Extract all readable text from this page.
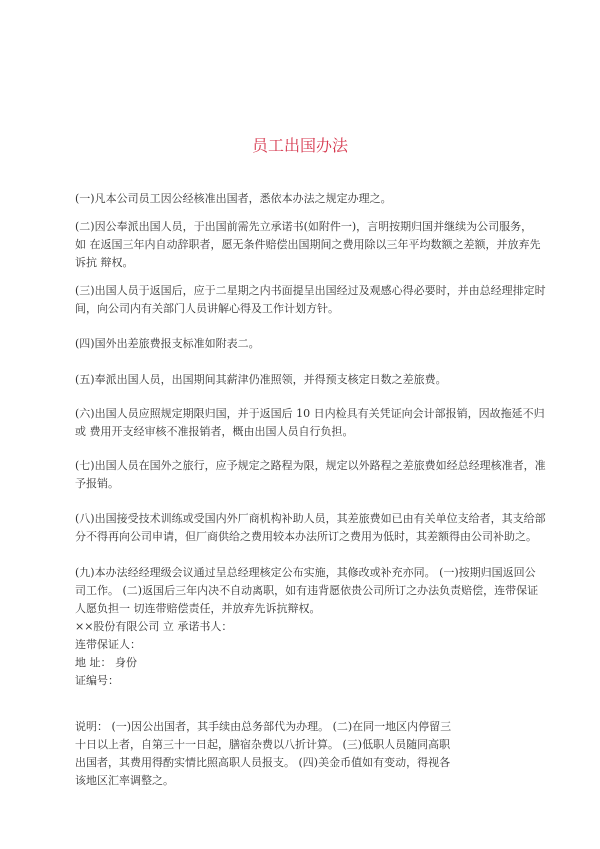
员工出国办法
(一)凡本公司员工因公经核准出国者，悉依本办法之规定办理之。
(二)因公奉派出国人员，于出国前需先立承诺书(如附件一)，言明按期归国并继续为公司服务，
如 在返国三年内自动辞职者，愿无条件赔偿出国期间之费用除以三年平均数额之差额，并放弃先
诉抗 辩权。
(三)出国人员于返国后，应于二星期之内书面提呈出国经过及观感心得必要时，并由总经理排定时
间，向公司内有关部门人员讲解心得及工作计划方针。
(四)国外出差旅费报支标准如附表二。
(五)奉派出国人员，出国期间其薪津仍准照领，并得预支核定日数之差旅费。
(六)出国人员应照规定期限归国，并于返国后 10 日内检具有关凭证向会计部报销，因故拖延不归
或 费用开支经审核不准报销者，概由出国人员自行负担。
(七)出国人员在国外之旅行，应予规定之路程为限，规定以外路程之差旅费如经总经理核准者，准
予报销。
(八)出国接受技术训练或受国内外厂商机构补助人员，其差旅费如已由有关单位支给者，其支给部
分不得再向公司申请，但厂商供给之费用较本办法所订之费用为低时，其差额得由公司补助之。
(九)本办法经经理级会议通过呈总经理核定公布实施，其修改或补充亦同。 (一)按期归国返回公
司工作。 (二)返国后三年内决不自动离职，如有违背愿依贵公司所订之办法负责赔偿，连带保证
人愿负担一 切连带赔偿责任，并放弃先诉抗辩权。
××股份有限公司 立 承诺书人：
连带保证人：
地 址： 身份
证编号：
说明： (一)因公出国者，其手续由总务部代为办理。 (二)在同一地区内停留三
十日以上者，自第三十一日起，膳宿杂费以八折计算。 (三)低职人员随同高职
出国者，其费用得酌实情比照高职人员报支。 (四)美金币值如有变动，得视各
该地区汇率调整之。
